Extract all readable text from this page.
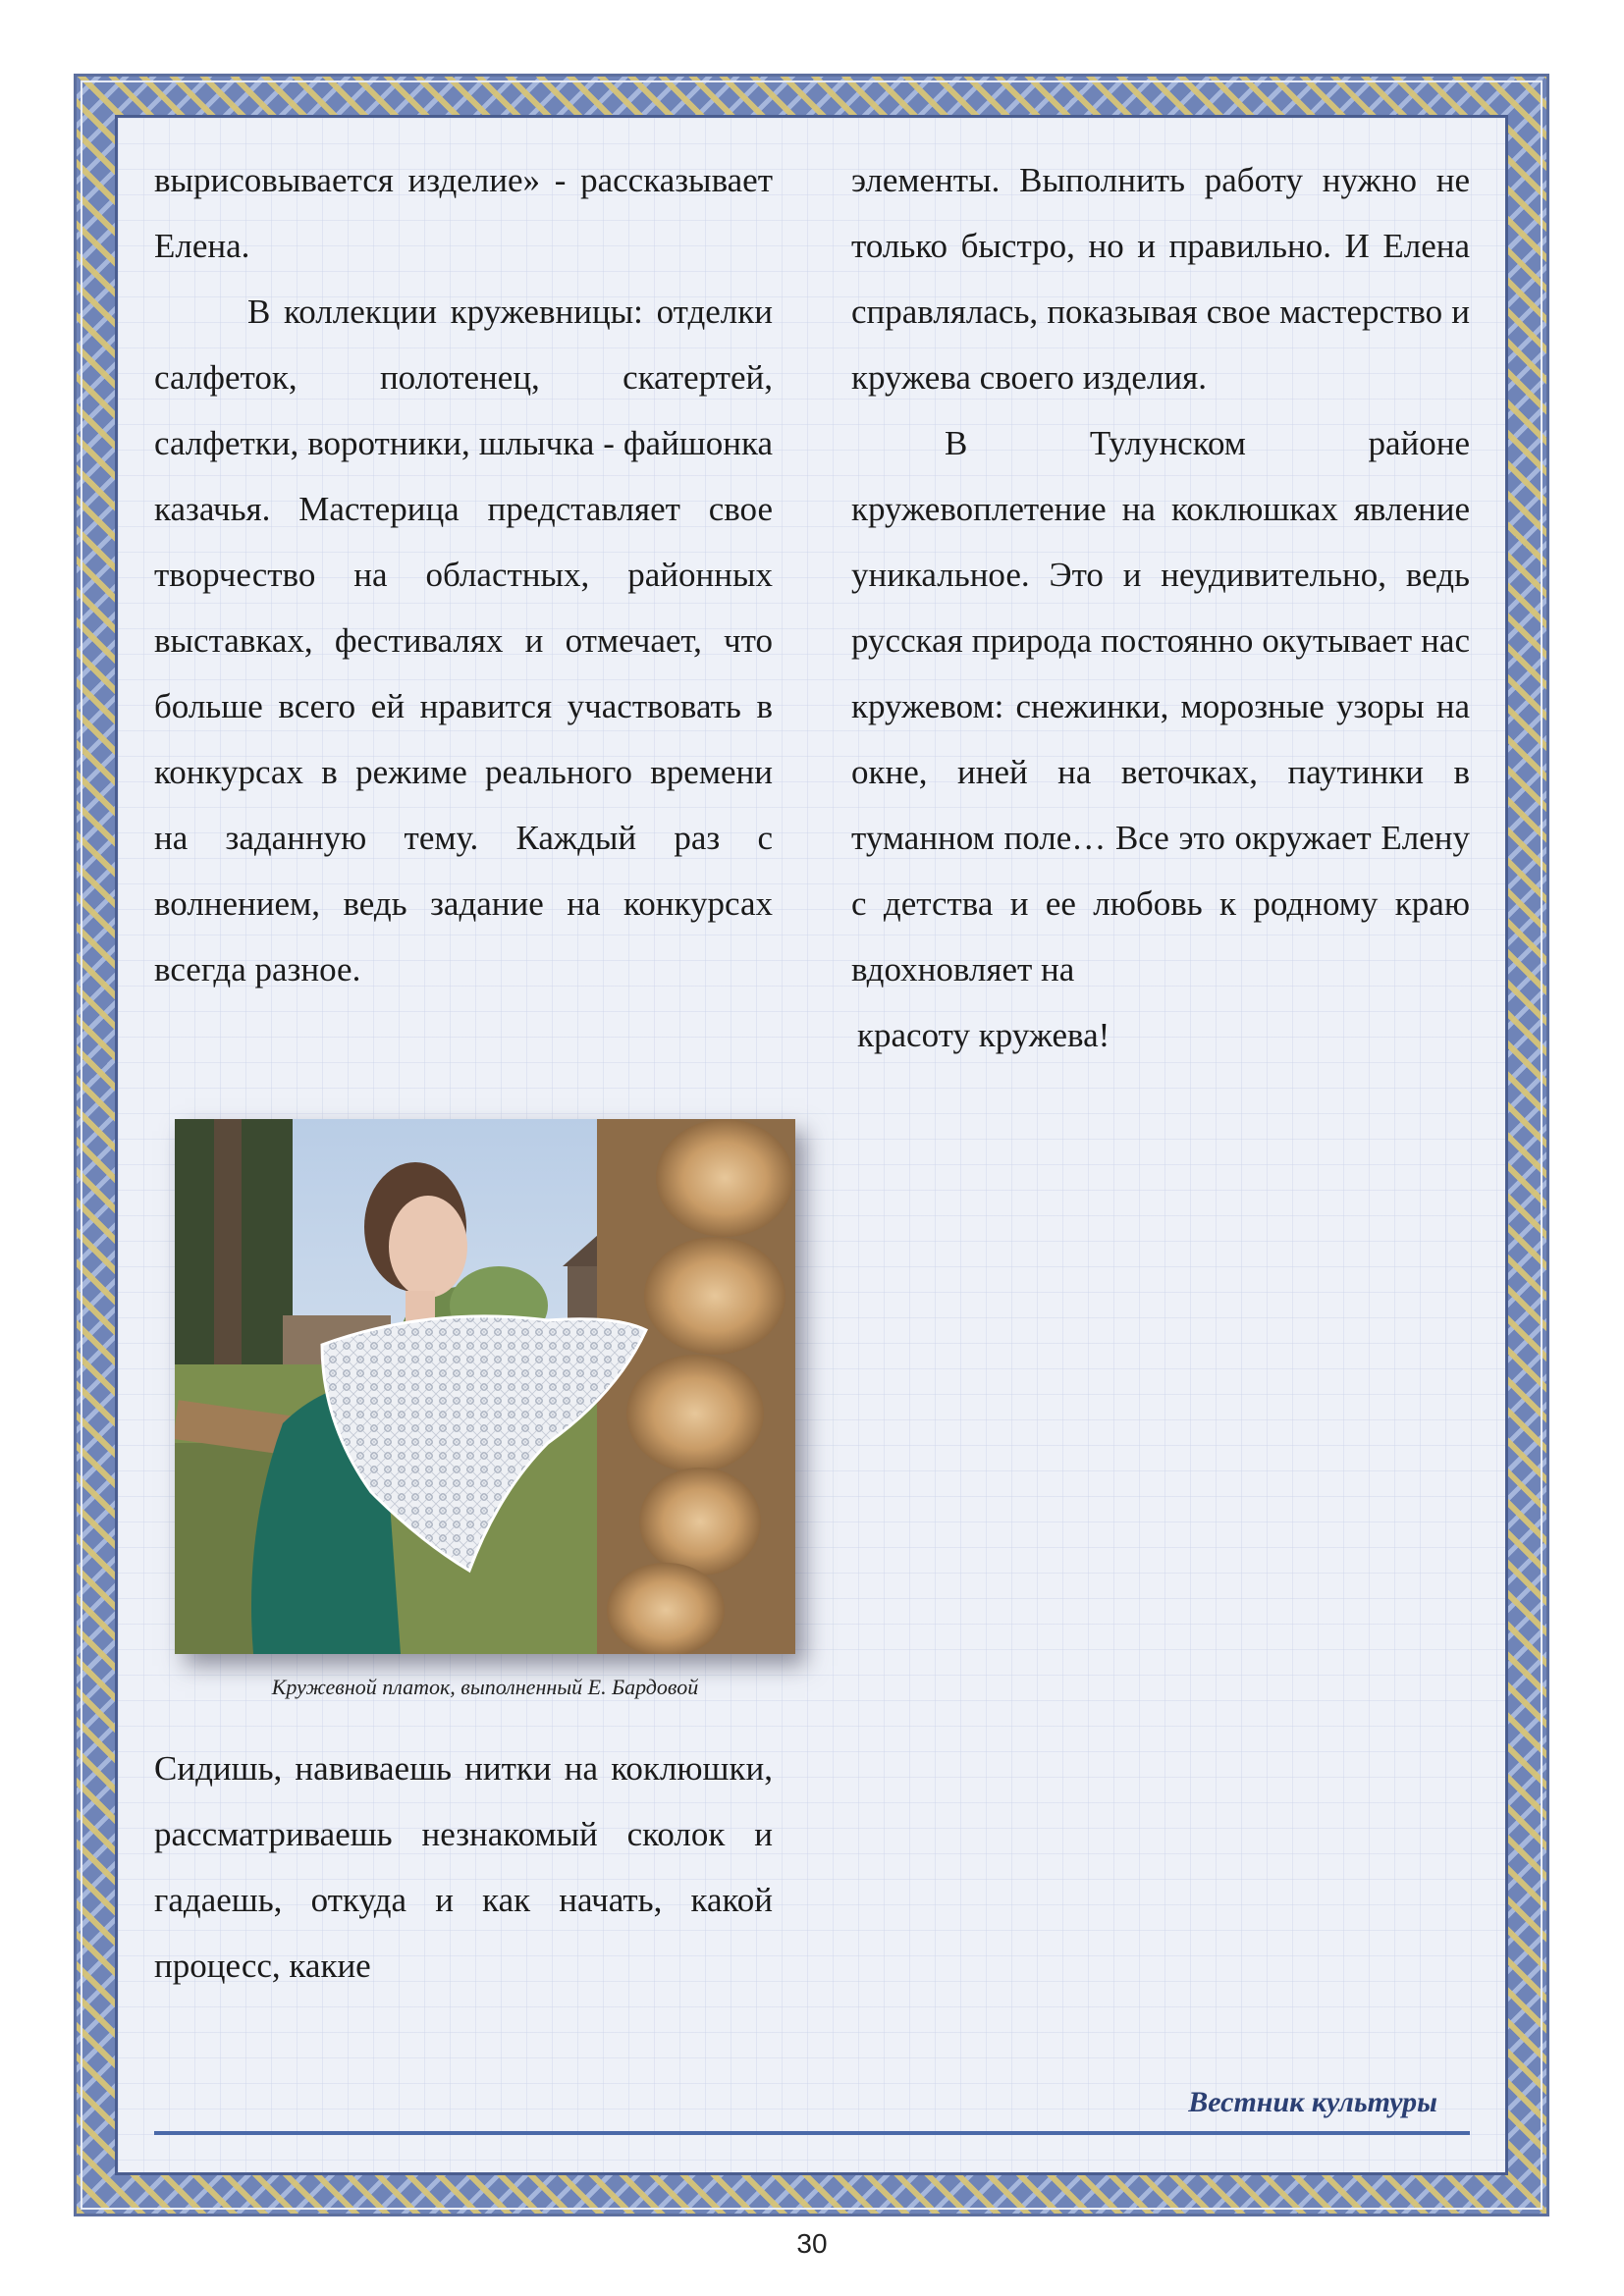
вырисовывается изделие» - рассказывает Елена.

В коллекции кружевницы: отделки салфеток, полотенец, скатертей, салфетки, воротники, шлычка - файшонка казачья. Мастерица представляет свое творчество на областных, районных выставках, фестивалях и отмечает, что больше всего ей нравится участвовать в конкурсах в режиме реального времени на заданную тему. Каждый раз с волнением, ведь задание на конкурсах всегда разное.

Кружевной платок, выполненный Е. Бардовой

Сидишь, навиваешь нитки на коклюшки, рассматриваешь незнакомый сколок и гадаешь, откуда и как начать, какой процесс, какие

элементы. Выполнить работу нужно не только быстро, но и правильно. И Елена справлялась, показывая свое мастерство и кружева своего изделия.

В Тулунском районе кружевоплетение на коклюшках явление уникальное. Это и неудивительно, ведь русская природа постоянно окутывает нас кружевом: снежинки, морозные узоры на окне, иней на веточках, паутинки в туманном поле… Все это окружает Елену с детства и ее любовь к родному краю вдохновляет на

красоту кружева!

Вестник культуры
30
